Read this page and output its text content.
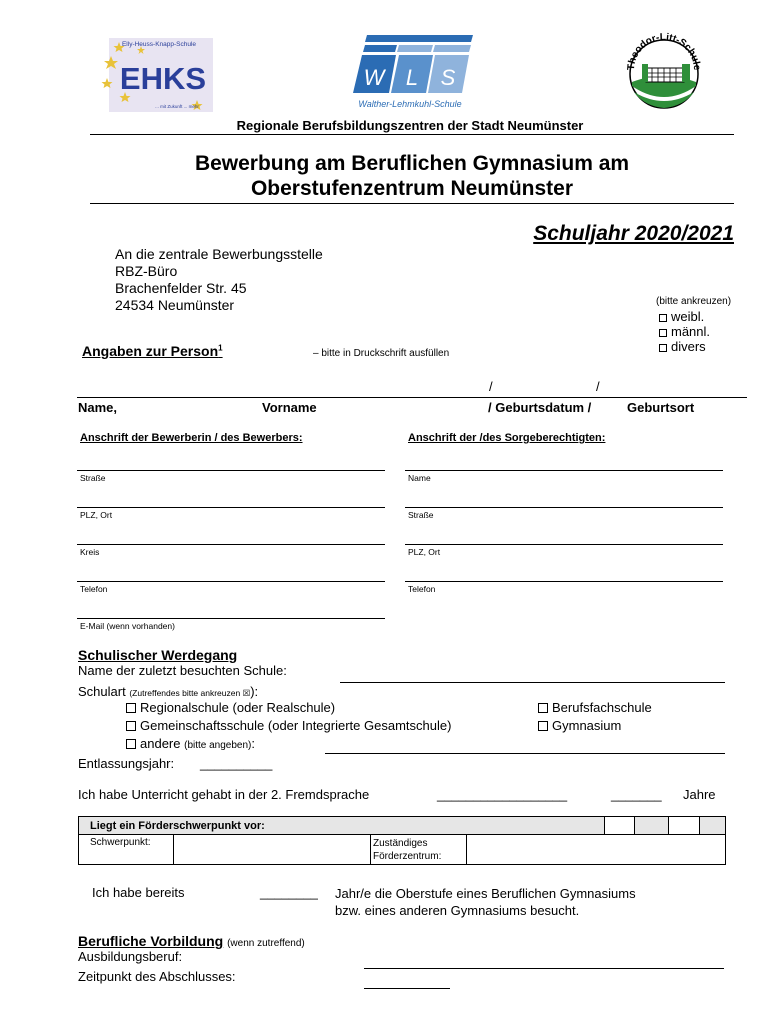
Elly-Heuss-Knapp-Schule
EHKS
... mit Zukunft ... mehr
W L S
Walther-Lehmkuhl-Schule
Theodor-Litt-Schule
Regionale Berufsbildungszentren der Stadt Neumünster
Bewerbung am Beruflichen Gymnasium am
Oberstufenzentrum Neumünster
Schuljahr 2020/2021
An die zentrale Bewerbungsstelle
RBZ-Büro
Brachenfelder Str. 45
24534 Neumünster	(bitte ankreuzen)
weibl.
männl.
divers
Angaben zur Person$^1$
– bitte in Druckschrift ausfüllen
/	/
Name,	Vorname	/ Geburtsdatum /	Geburtsort
Anschrift der Bewerberin / des Bewerbers:	Anschrift der /des Sorgeberechtigten:
Straße
PLZ, Ort
Kreis
Telefon
E-Mail (wenn vorhanden)
Name
Straße
PLZ, Ort
Telefon
Schulischer Werdegang
Name der zuletzt besuchten Schule:
Schulart (Zutreffendes bitte ankreuzen ☒):
Regionalschule (oder Realschule)
Gemeinschaftsschule (oder Integrierte Gesamtschule)
andere (bitte angeben):
Berufsfachschule
Gymnasium
Entlassungsjahr: __________
Ich habe Unterricht gehabt in der 2. Fremdsprache	__________________	_______ Jahre
Liegt ein Förderschwerpunkt vor:
Schwerpunkt:	Zuständiges
Förderzentrum:
Ich habe bereits	________ Jahr/e die Oberstufe eines Beruflichen Gymnasiums
bzw. eines anderen Gymnasiums besucht.
Berufliche Vorbildung (wenn zutreffend)
Ausbildungsberuf:
Zeitpunkt des Abschlusses:
